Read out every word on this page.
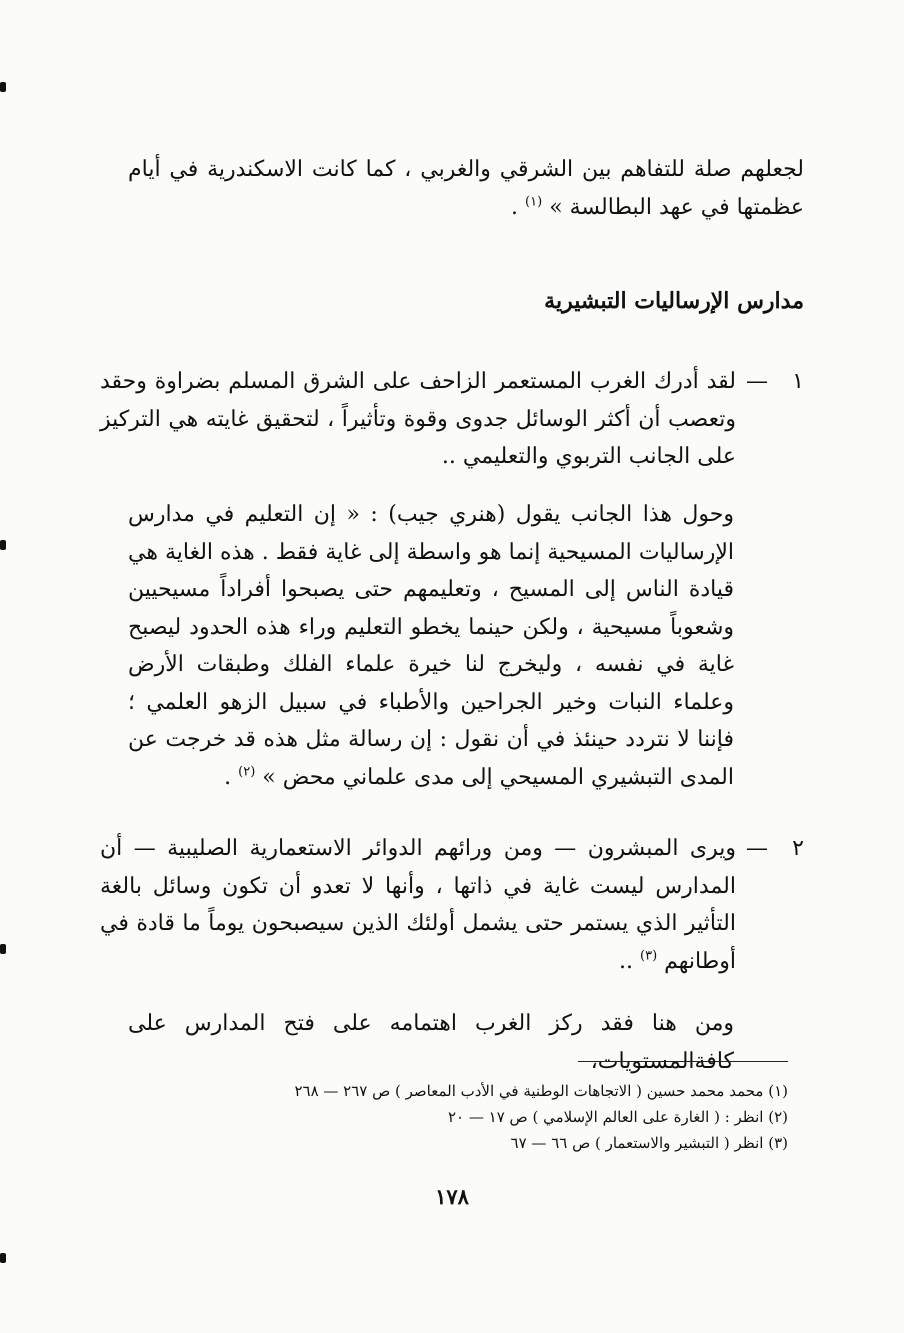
لجعلهم صلة للتفاهم بين الشرقي والغربي ، كما كانت الاسكندرية في أيام عظمتها في عهد البطالسة » $^{(١)}$ .

مدارس الإرساليات التبشيرية
١
—

لقد أدرك الغرب المستعمر الزاحف على الشرق المسلم بضراوة وحقد وتعصب أن أكثر الوسائل جدوى وقوة وتأثيراً ، لتحقيق غايته هي التركيز على الجانب التربوي والتعليمي ..

وحول هذا الجانب يقول (هنري جيب) : « إن التعليم في مدارس الإرساليات المسيحية إنما هو واسطة إلى غاية فقط . هذه الغاية هي قيادة الناس إلى المسيح ، وتعليمهم حتى يصبحوا أفراداً مسيحيين وشعوباً مسيحية ، ولكن حينما يخطو التعليم وراء هذه الحدود ليصبح غاية في نفسه ، وليخرج لنا خيرة علماء الفلك وطبقات الأرض وعلماء النبات وخير الجراحين والأطباء في سبيل الزهو العلمي ؛ فإننا لا نتردد حينئذ في أن نقول : إن رسالة مثل هذه قد خرجت عن المدى التبشيري المسيحي إلى مدى علماني محض » $^{(٢)}$ .

٢
—

ويرى المبشرون — ومن ورائهم الدوائر الاستعمارية الصليبية — أن المدارس ليست غاية في ذاتها ، وأنها لا تعدو أن تكون وسائل بالغة التأثير الذي يستمر حتى يشمل أولئك الذين سيصبحون يوماً ما قادة في أوطانهم $^{(٣)}$ ..

ومن هنا فقد ركز الغرب اهتمامه على فتح المدارس على كافةالمستويات،

(١) محمد محمد حسين ( الاتجاهات الوطنية في الأدب المعاصر ) ص ٢٦٧ — ٢٦٨
(٢) انظر : ( الغارة على العالم الإسلامي ) ص ١٧ — ٢٠
(٣) انظر ( التبشير والاستعمار ) ص ٦٦ — ٦٧
١٧٨
